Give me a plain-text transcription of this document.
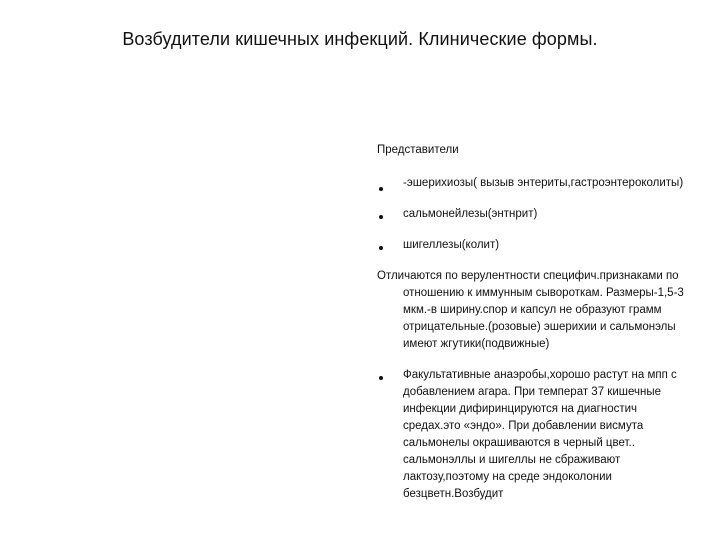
Возбудители кишечных инфекций. Клинические формы.

Представители

-эшерихиозы( вызыв энтериты,гастроэнтероколиты)
сальмонейлезы(энтнрит)
шигеллезы(колит)

Отличаются по верулентности специфич.признаками по отношению к иммунным сывороткам. Размеры-1,5-3 мкм.-в ширину.спор и капсул не образуют грамм отрицательные.(розовые) эшерихии и сальмонэлы имеют жгутики(подвижные)

Факультативные анаэробы,хорошо растут на мпп с добавлением агара. При температ 37 кишечные инфекции дифиринцируются на диагностич средах.это «эндо». При добавлении висмута сальмонелы окрашиваются в черный цвет.. сальмонэллы и шигеллы не сбраживают лактозу,поэтому на среде эндоколонии безцветн.Возбудит
